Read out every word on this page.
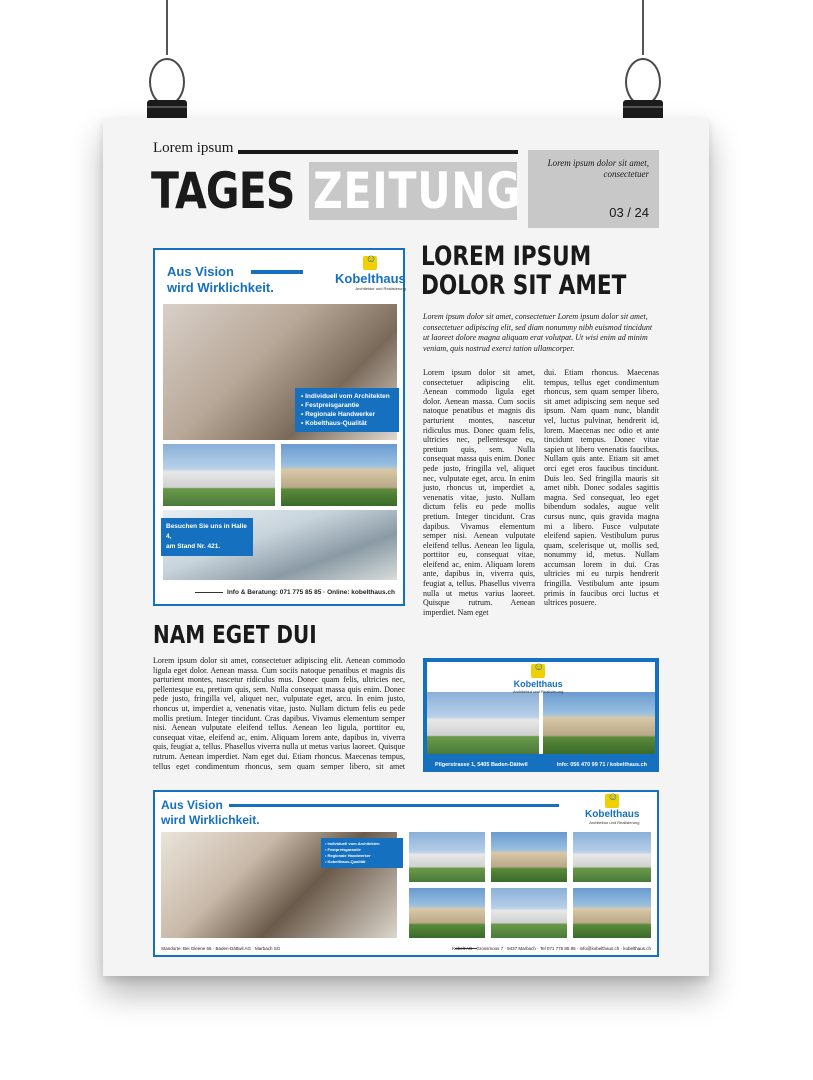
Lorem ipsum
TAGES ZEITUNG	Lorem ipsum dolor sit amet, consectetuer
03 / 24
Aus Vision
wird Wirklichkeit.
☺
Kobelthaus
Architektur und Realisierung
• Individuell vom Architekten
• Festpreisgarantie
• Regionale Handwerker
• Kobelthaus-Qualität
Besuchen Sie uns in Halle 4,
am Stand Nr. 421.
Info & Beratung: 071 775 85 85 · Online: kobelthaus.ch
LOREM IPSUM
DOLOR SIT AMET
Lorem ipsum dolor sit amet, consectetuer Lorem ipsum dolor sit amet, consectetuer adipiscing elit, sed diam nonummy nibh euismod tincidunt ut laoreet dolore magna aliquam erat volutpat. Ut wisi enim ad minim veniam, quis nostrud exerci tation ullamcorper.
Lorem ipsum dolor sit amet, consectetuer adipiscing elit. Aenean commodo ligula eget dolor. Aenean massa. Cum sociis natoque penatibus et magnis dis parturient montes, nascetur ridiculus mus. Donec quam felis, ultricies nec, pellentesque eu, pretium quis, sem. Nulla consequat massa quis enim. Donec pede justo, fringilla vel, aliquet nec, vulputate eget, arcu. In enim justo, rhoncus ut, imperdiet a, venenatis vitae, justo. Nullam dictum felis eu pede mollis pretium. Integer tincidunt. Cras dapibus. Vivamus elementum semper nisi. Aenean vulputate eleifend tellus. Aenean leo ligula, porttitor eu, consequat vitae, eleifend ac, enim. Aliquam lorem ante, dapibus in, viverra quis, feugiat a, tellus. Phasellus viverra nulla ut metus varius laoreet. Quisque rutrum. Aenean imperdiet. Nam eget
dui. Etiam rhoncus. Maecenas tempus, tellus eget condimentum rhoncus, sem quam semper libero, sit amet adipiscing sem neque sed ipsum. Nam quam nunc, blandit vel, luctus pulvinar, hendrerit id, lorem. Maecenas nec odio et ante tincidunt tempus. Donec vitae sapien ut libero venenatis faucibus. Nullam quis ante. Etiam sit amet orci eget eros faucibus tincidunt. Duis leo. Sed fringilla mauris sit amet nibh. Donec sodales sagittis magna. Sed consequat, leo eget bibendum sodales, augue velit cursus nunc, quis gravida magna mi a libero. Fusce vulputate eleifend sapien. Vestibulum purus quam, scelerisque ut, mollis sed, nonummy id, metus. Nullam accumsan lorem in dui. Cras ultricies mi eu turpis hendrerit fringilla. Vestibulum ante ipsum primis in faucibus orci luctus et ultrices posuere.
NAM EGET DUI
Lorem ipsum dolor sit amet, consectetuer adipiscing elit. Aenean commodo ligula eget dolor. Aenean massa. Cum sociis natoque penatibus et magnis dis parturient montes, nascetur ridiculus mus. Donec quam felis, ultricies nec, pellentesque eu, pretium quis, sem. Nulla consequat massa quis enim. Donec pede justo, fringilla vel, aliquet nec, vulputate eget, arcu. In enim justo, rhoncus ut, imperdiet a, venenatis vitae, justo. Nullam dictum felis eu pede mollis pretium. Integer tincidunt. Cras dapibus. Vivamus elementum semper nisi. Aenean vulputate eleifend tellus. Aenean leo ligula, porttitor eu, consequat vitae, eleifend ac, enim. Aliquam lorem ante, dapibus in, viverra quis, feugiat a, tellus. Phasellus viverra nulla ut metus varius laoreet. Quisque rutrum. Aenean imperdiet. Nam eget dui. Etiam rhoncus. Maecenas tempus, tellus eget condimentum rhoncus, sem quam semper libero, sit amet
☺
Kobelthaus
Architektur und Realisierung
Pilgerstrasse 1, 5405 Baden-Dättwil	Info: 056 470 99 71 / kobelthaus.ch
Aus Vision
wird Wirklichkeit.
☺	Kobelthaus
Architektur und Realisierung
• Individuell vom Architekten
• Festpreisgarantie
• Regionale Handwerker
• Kobelthaus-Qualität
Standorte: Bei Gleene 66 · Baden-Dättwil AG · Marbach SG	Kobelt AG · Grossmoos 7 · 9437 Marbach · Tel 071 775 85 85 · info@kobelthaus.ch · kobelthaus.ch
